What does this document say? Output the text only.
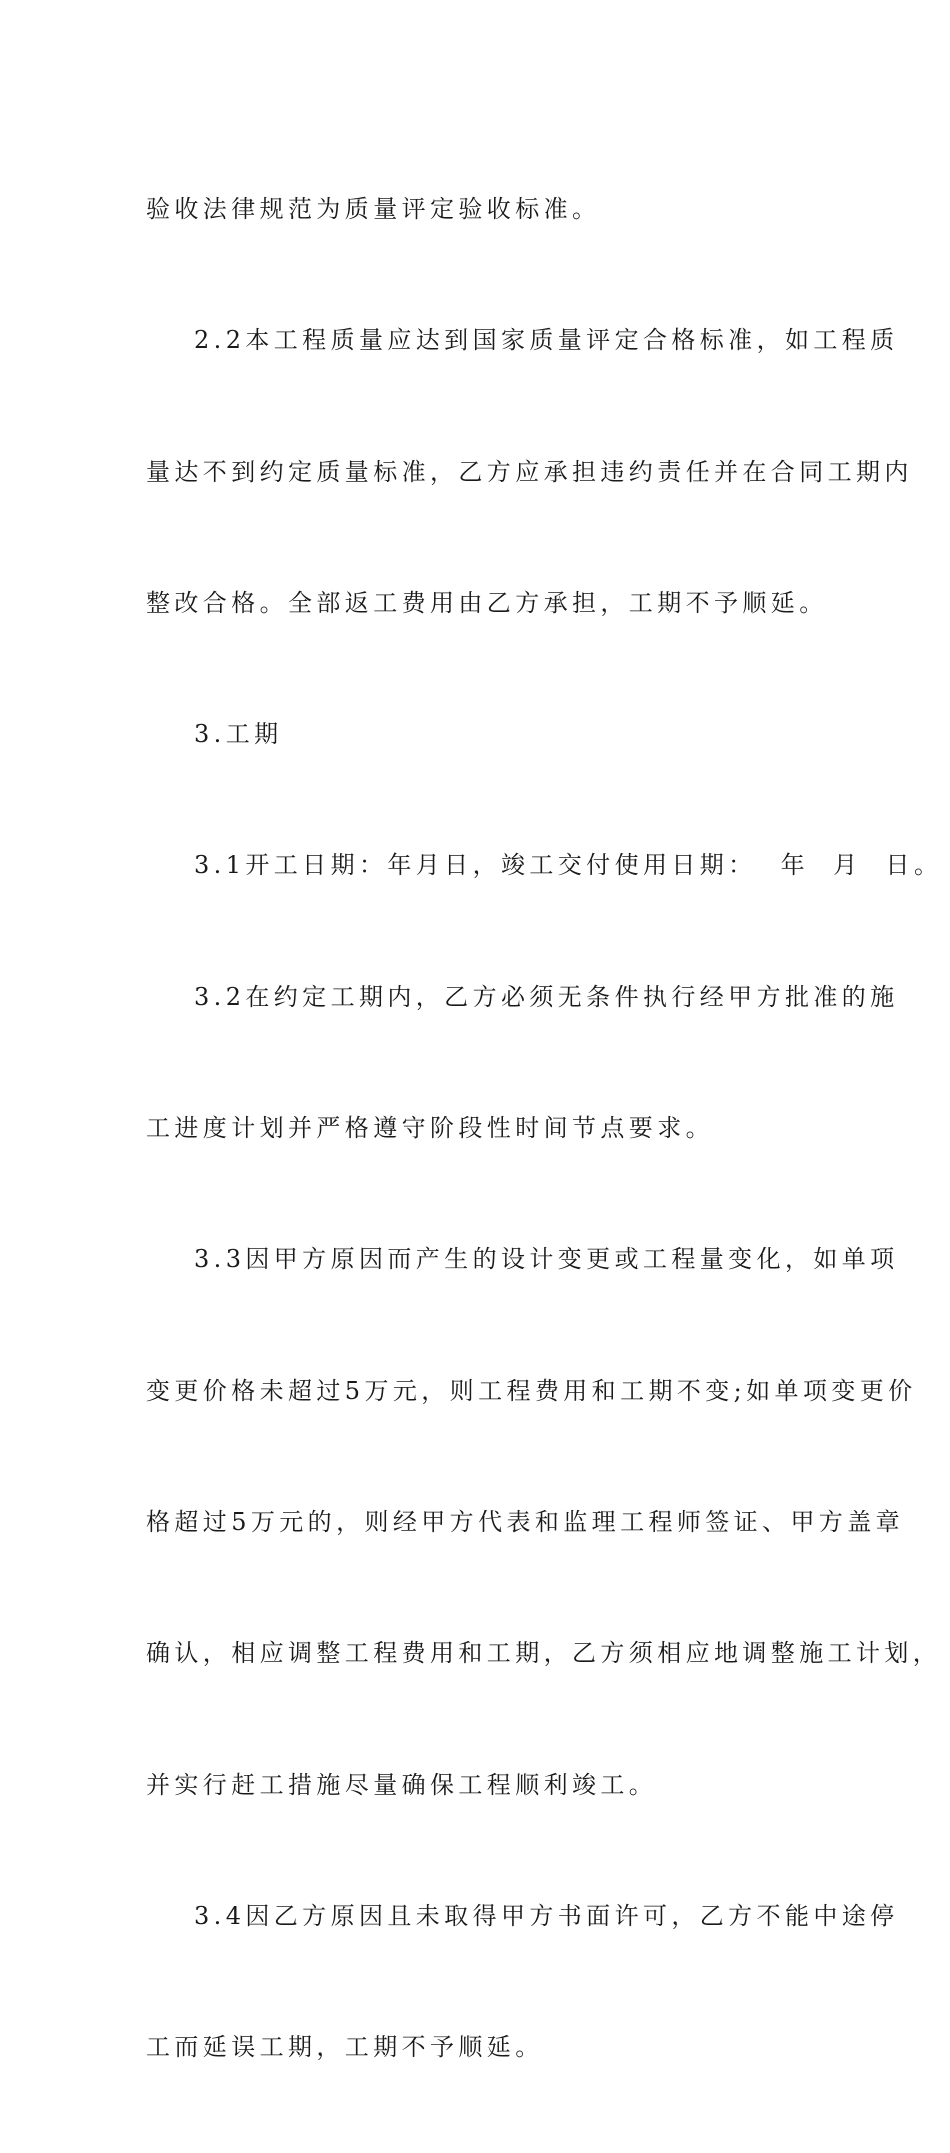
验收法律规范为质量评定验收标准。

2.2本工程质量应达到国家质量评定合格标准，如工程质

量达不到约定质量标准，乙方应承担违约责任并在合同工期内

整改合格。全部返工费用由乙方承担，工期不予顺延。

3.工期

3.1开工日期：年月日，竣工交付使用日期：  年  月  日。

3.2在约定工期内，乙方必须无条件执行经甲方批准的施

工进度计划并严格遵守阶段性时间节点要求。

3.3因甲方原因而产生的设计变更或工程量变化，如单项

变更价格未超过5万元，则工程费用和工期不变;如单项变更价

格超过5万元的，则经甲方代表和监理工程师签证、甲方盖章

确认，相应调整工程费用和工期，乙方须相应地调整施工计划，

并实行赶工措施尽量确保工程顺利竣工。

3.4因乙方原因且未取得甲方书面许可，乙方不能中途停

工而延误工期，工期不予顺延。
